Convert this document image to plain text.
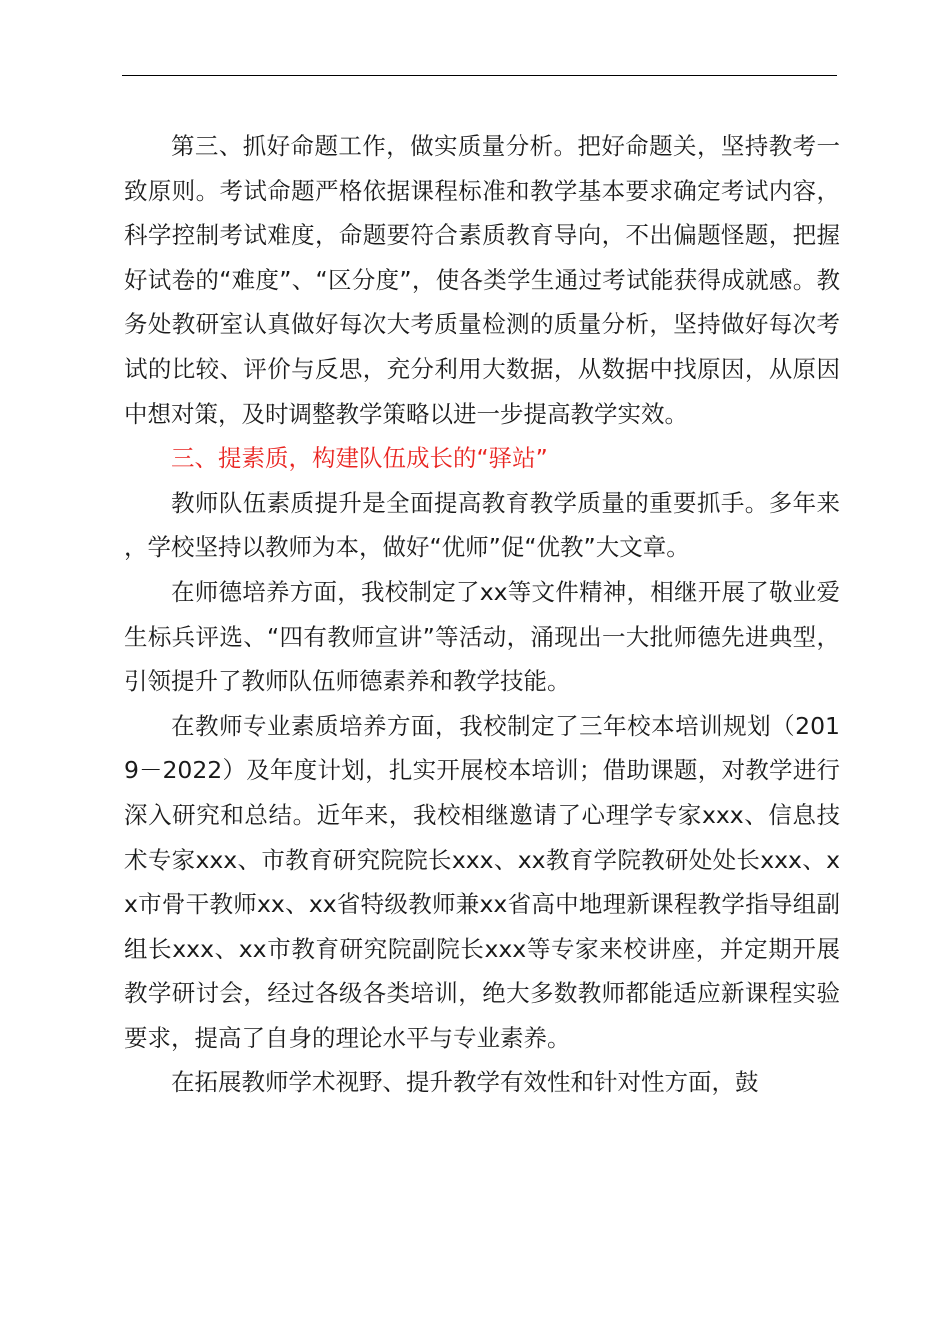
第三、抓好命题工作，做实质量分析。把好命题关，坚持教考一致原则。考试命题严格依据课程标准和教学基本要求确定考试内容，科学控制考试难度，命题要符合素质教育导向，不出偏题怪题，把握好试卷的“难度”、“区分度”，使各类学生通过考试能获得成就感。教务处教研室认真做好每次大考质量检测的质量分析，坚持做好每次考试的比较、评价与反思，充分利用大数据，从数据中找原因，从原因中想对策，及时调整教学策略以进一步提高教学实效。

三、提素质，构建队伍成长的“驿站”

教师队伍素质提升是全面提高教育教学质量的重要抓手。多年来，学校坚持以教师为本，做好“优师”促“优教”大文章。

在师德培养方面，我校制定了xx等文件精神，相继开展了敬业爱生标兵评选、“四有教师宣讲”等活动，涌现出一大批师德先进典型，引领提升了教师队伍师德素养和教学技能。

在教师专业素质培养方面，我校制定了三年校本培训规划（2019－2022）及年度计划，扎实开展校本培训；借助课题，对教学进行深入研究和总结。近年来，我校相继邀请了心理学专家xxx、信息技术专家xxx、市教育研究院院长xxx、xx教育学院教研处处长xxx、xx市骨干教师xx、xx省特级教师兼xx省高中地理新课程教学指导组副组长xxx、xx市教育研究院副院长xxx等专家来校讲座，并定期开展教学研讨会，经过各级各类培训，绝大多数教师都能适应新课程实验要求，提高了自身的理论水平与专业素养。

在拓展教师学术视野、提升教学有效性和针对性方面，鼓
